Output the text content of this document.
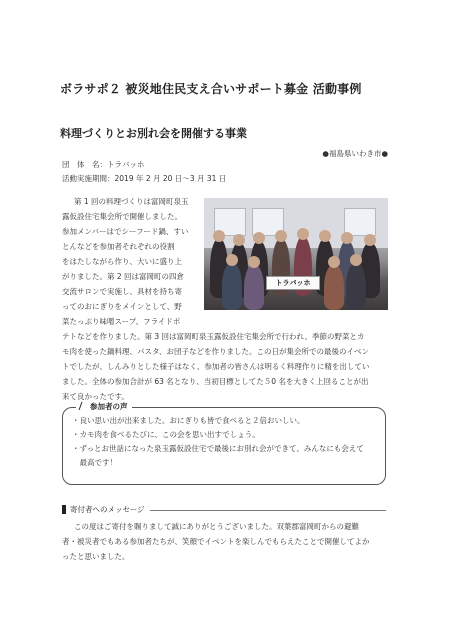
ボラサポ２ 被災地住民支え合いサポート募金 活動事例
料理づくりとお別れ会を開催する事業

●福島県いわき市●

団　体　名：トラバッホ

活動実施期間：2019 年 2 月 20 日～3 月 31 日

第 1 回の料理づくりは富岡町泉玉

露仮設住宅集会所で開催しました。

参加メンバーはでシーフード鍋、すい

とんなどを参加者それぞれの役割

をはたしながら作り、大いに盛り上

がりました。第 2 回は富岡町の四倉

交流サロンで実施し、具材を持ち寄

ってのおにぎりをメインとして、野

菜たっぷり味噌スープ、フライドポ

テトなどを作りました。第 3 回は富岡町泉玉露仮設住宅集会所で行われ、季節の野菜とカ

モ肉を使った鍋料理、パスタ、お団子などを作りました。この日が集会所での最後のイベン

トでしたが、しんみりとした様子はなく、参加者の皆さんは明るく料理作りに精を出してい

ました。全体の参加合計が 63 名となり、当初目標としてた５0 名を大きく上回ることが出

来て良かったです。

トラバッホ
参加者の声

・良い思い出が出来ました。おにぎりも皆で食べると２倍おいしい。

・カモ肉を食べるたびに、この会を思い出すでしょう。

・ずっとお世話になった泉玉露仮設住宅で最後にお別れ会ができて、みんなにも会えて

　最高です！

寄付者へのメッセージ

この度はご寄付を賜りまして誠にありがとうございました。双葉郡富岡町からの避難

者・被災者でもある参加者たちが、笑顔でイベントを楽しんでもらえたことで開催してよか

ったと思いました。
